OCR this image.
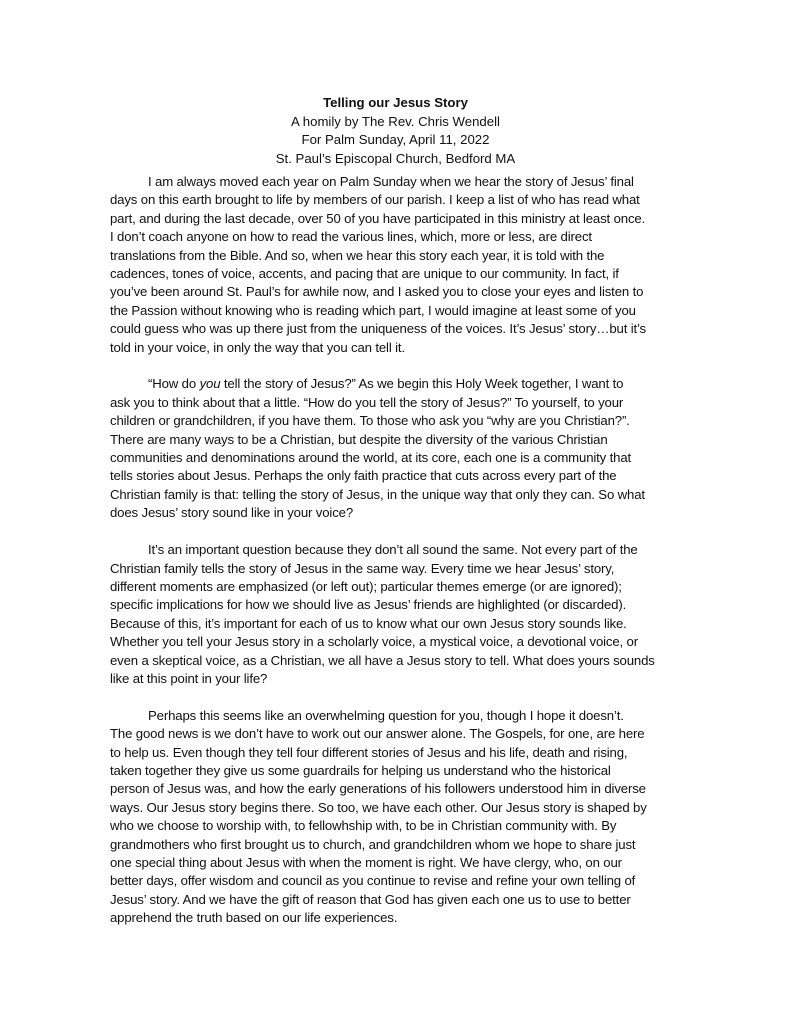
Telling our Jesus Story
A homily by The Rev. Chris Wendell
For Palm Sunday, April 11, 2022
St. Paul’s Episcopal Church, Bedford MA
I am always moved each year on Palm Sunday when we hear the story of Jesus’ final
days on this earth brought to life by members of our parish. I keep a list of who has read what
part, and during the last decade, over 50 of you have participated in this ministry at least once.
I don’t coach anyone on how to read the various lines, which, more or less, are direct
translations from the Bible. And so, when we hear this story each year, it is told with the
cadences, tones of voice, accents, and pacing that are unique to our community. In fact, if
you’ve been around St. Paul’s for awhile now, and I asked you to close your eyes and listen to
the Passion without knowing who is reading which part, I would imagine at least some of you
could guess who was up there just from the uniqueness of the voices. It’s Jesus’ story…but it’s
told in your voice, in only the way that you can tell it.
“How do you tell the story of Jesus?” As we begin this Holy Week together, I want to
ask you to think about that a little. “How do you tell the story of Jesus?” To yourself, to your
children or grandchildren, if you have them. To those who ask you “why are you Christian?”.
There are many ways to be a Christian, but despite the diversity of the various Christian
communities and denominations around the world, at its core, each one is a community that
tells stories about Jesus. Perhaps the only faith practice that cuts across every part of the
Christian family is that: telling the story of Jesus, in the unique way that only they can. So what
does Jesus’ story sound like in your voice?
It’s an important question because they don’t all sound the same. Not every part of the
Christian family tells the story of Jesus in the same way. Every time we hear Jesus’ story,
different moments are emphasized (or left out); particular themes emerge (or are ignored);
specific implications for how we should live as Jesus’ friends are highlighted (or discarded).
Because of this, it’s important for each of us to know what our own Jesus story sounds like.
Whether you tell your Jesus story in a scholarly voice, a mystical voice, a devotional voice, or
even a skeptical voice, as a Christian, we all have a Jesus story to tell. What does yours sounds
like at this point in your life?
Perhaps this seems like an overwhelming question for you, though I hope it doesn’t.
The good news is we don’t have to work out our answer alone. The Gospels, for one, are here
to help us. Even though they tell four different stories of Jesus and his life, death and rising,
taken together they give us some guardrails for helping us understand who the historical
person of Jesus was, and how the early generations of his followers understood him in diverse
ways. Our Jesus story begins there. So too, we have each other. Our Jesus story is shaped by
who we choose to worship with, to fellowhship with, to be in Christian community with. By
grandmothers who first brought us to church, and grandchildren whom we hope to share just
one special thing about Jesus with when the moment is right. We have clergy, who, on our
better days, offer wisdom and council as you continue to revise and refine your own telling of
Jesus’ story. And we have the gift of reason that God has given each one us to use to better
apprehend the truth based on our life experiences.
